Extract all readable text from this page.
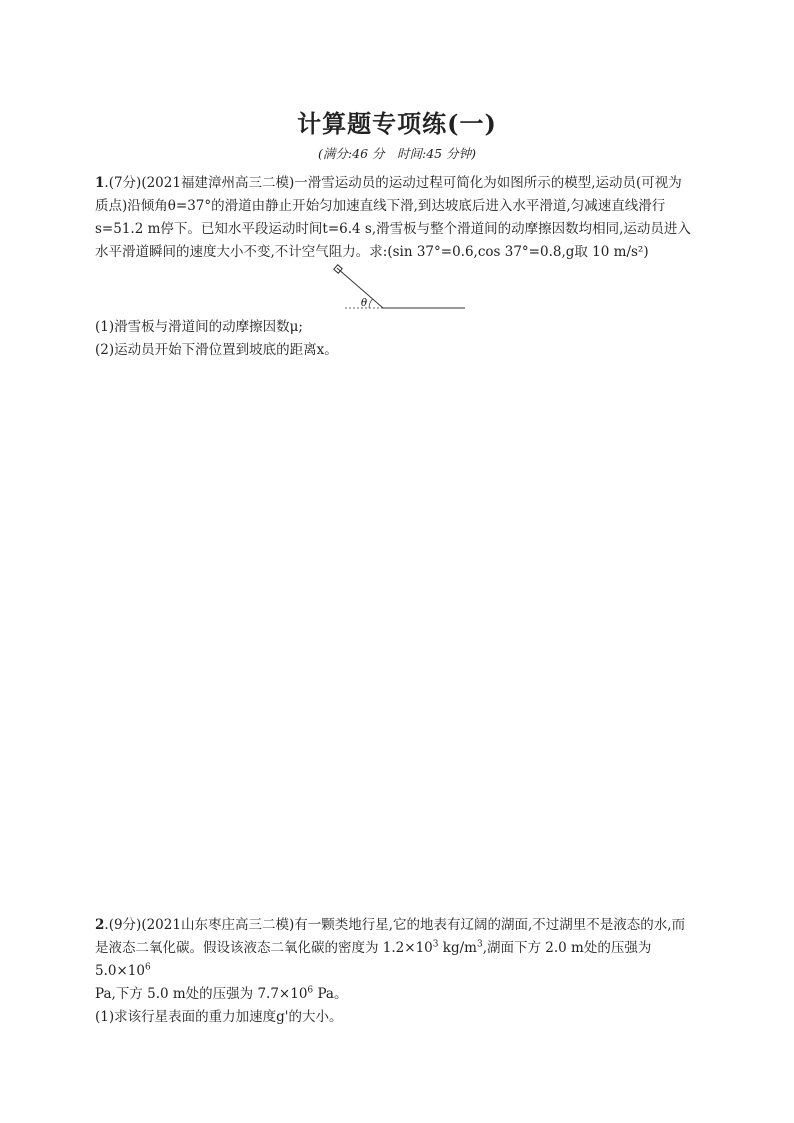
计算题专项练(一)
(满分:46 分　时间:45 分钟)

1.(7分)(2021福建漳州高三二模)一滑雪运动员的运动过程可简化为如图所示的模型,运动员(可视为

质点)沿倾角θ=37°的滑道由静止开始匀加速直线下滑,到达坡底后进入水平滑道,匀减速直线滑行

s=51.2 m停下。已知水平段运动时间t=6.4 s,滑雪板与整个滑道间的动摩擦因数均相同,运动员进入

水平滑道瞬间的速度大小不变,不计空气阻力。求:(sin 37°=0.6,cos 37°=0.8,g取 10 m/s²)

θ

(1)滑雪板与滑道间的动摩擦因数μ;

(2)运动员开始下滑位置到坡底的距离x。

2.(9分)(2021山东枣庄高三二模)有一颗类地行星,它的地表有辽阔的湖面,不过湖里不是液态的水,而

是液态二氧化碳。假设该液态二氧化碳的密度为 $1.2\times 10^3$ $kg/m^3$,湖面下方 2.0 m处的压强为 $5.0\times 10^6$

Pa,下方 5.0 m处的压强为 $7.7\times 10^6$ Pa。

(1)求该行星表面的重力加速度g'的大小。
